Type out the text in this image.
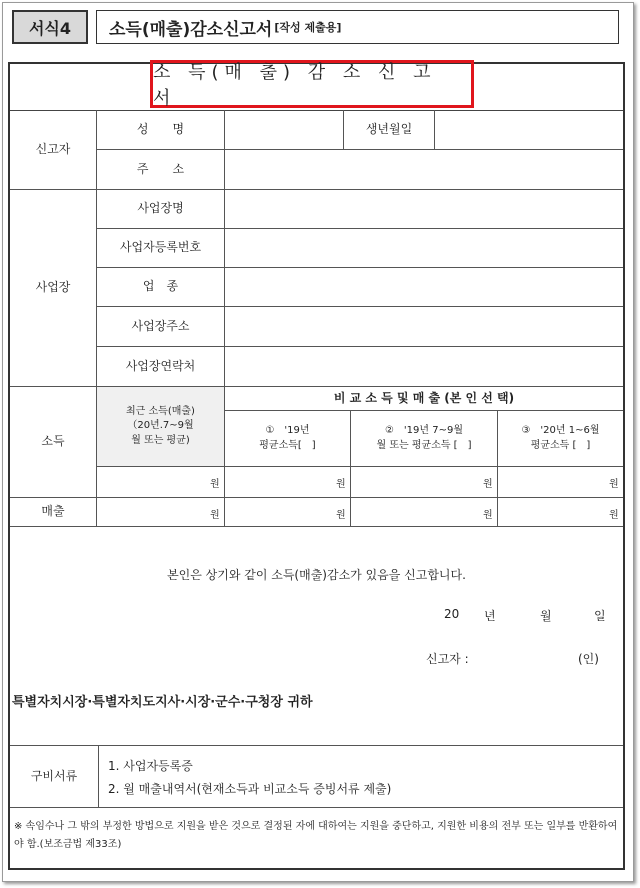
서식4	소득(매출)감소신고서 [작성 제출용]
소 득(매 출) 감 소 신 고 서
신고자
성　　명	생년월일
주　　소
사업장
사업장명
사업자등록번호
업　종
사업장주소
사업장연락처
소득
최근 소득(매출)
（20년.7~9월
월 또는 평균)
비 교 소 득 및 매 출 (본 인 선 택)
①　'19년
평균소득[　]
②　'19년 7~9월
월 또는 평균소득 [　]
③　'20년 1~6월
평균소득 [　]
원	원	원	원
매출	원	원	원	원
본인은 상기와 같이 소득(매출)감소가 있음을 신고합니다.
20 년	월	일
신고자 :	(인)
특별자치시장·특별자치도지사·시장·군수·구청장 귀하
구비서류
1. 사업자등록증
2. 월 매출내역서(현재소득과 비교소득 증빙서류 제출)
※ 속임수나 그 밖의 부정한 방법으로 지원을 받은 것으로 결정된 자에 대하여는 지원을 중단하고, 지원한 비용의 전부 또는 일부를 반환하여야 함.(보조금법 제33조)
